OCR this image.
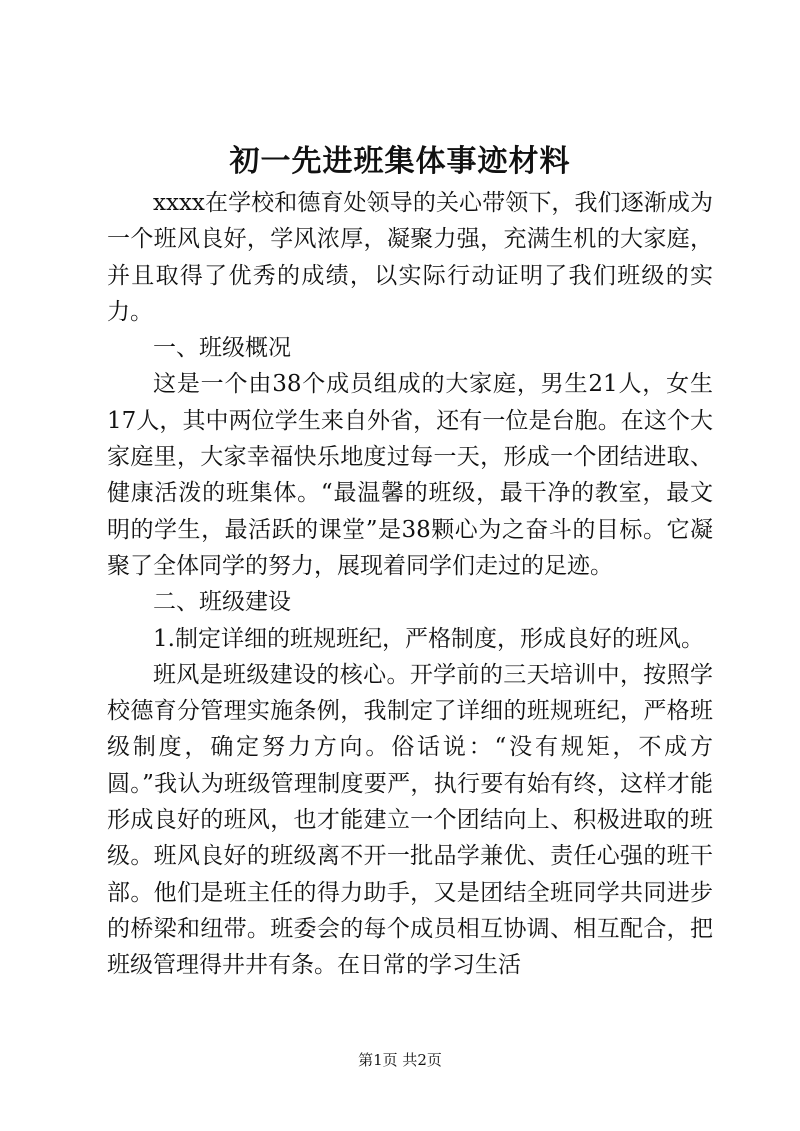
初一先进班集体事迹材料

xxxx在学校和德育处领导的关心带领下，我们逐渐成为一个班风良好，学风浓厚，凝聚力强，充满生机的大家庭，并且取得了优秀的成绩，以实际行动证明了我们班级的实力。

一、班级概况

这是一个由38个成员组成的大家庭，男生21人，女生17人，其中两位学生来自外省，还有一位是台胞。在这个大家庭里，大家幸福快乐地度过每一天，形成一个团结进取、健康活泼的班集体。“最温馨的班级，最干净的教室，最文明的学生，最活跃的课堂”是38颗心为之奋斗的目标。它凝聚了全体同学的努力，展现着同学们走过的足迹。

二、班级建设

1.制定详细的班规班纪，严格制度，形成良好的班风。

班风是班级建设的核心。开学前的三天培训中，按照学校德育分管理实施条例，我制定了详细的班规班纪，严格班级制度，确定努力方向。俗话说：“没有规矩，不成方圆。”我认为班级管理制度要严，执行要有始有终，这样才能形成良好的班风，也才能建立一个团结向上、积极进取的班级。班风良好的班级离不开一批品学兼优、责任心强的班干部。他们是班主任的得力助手，又是团结全班同学共同进步的桥梁和纽带。班委会的每个成员相互协调、相互配合，把班级管理得井井有条。在日常的学习生活

第1页 共2页
